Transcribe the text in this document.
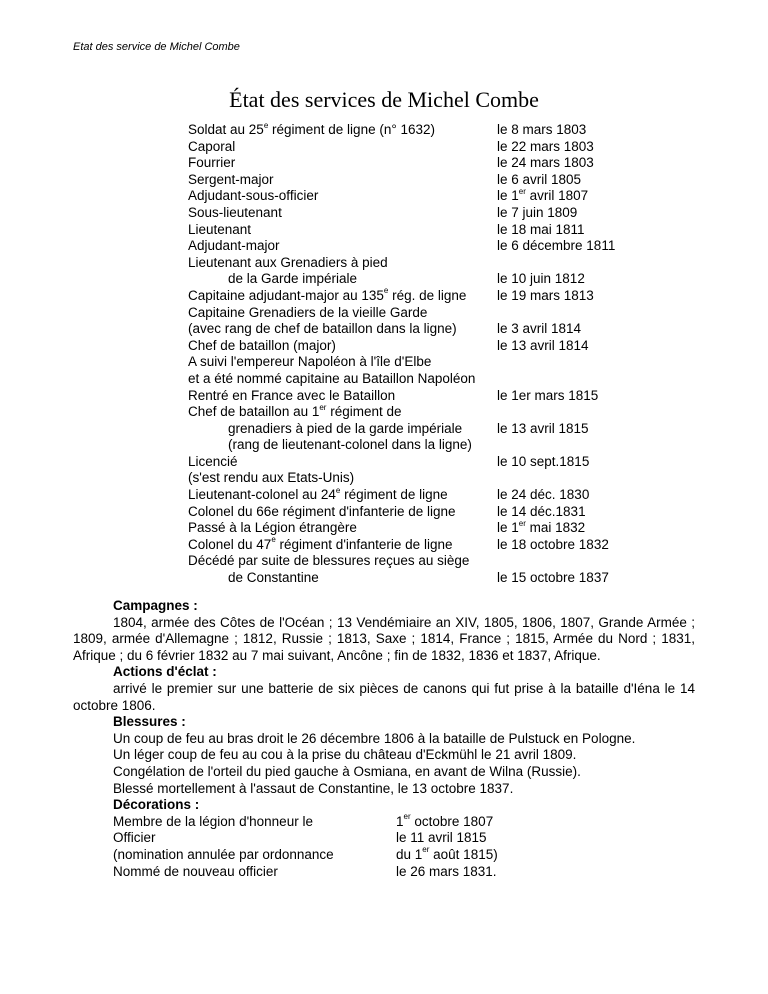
Etat des service de Michel Combe
État des services de Michel Combe
Soldat au 25e régiment de ligne (n° 1632)	le 8 mars 1803
Caporal	le 22 mars 1803
Fourrier	le 24 mars 1803
Sergent-major	le 6 avril 1805
Adjudant-sous-officier	le 1er avril 1807
Sous-lieutenant	le 7 juin 1809
Lieutenant	le 18 mai 1811
Adjudant-major	le 6 décembre 1811
Lieutenant aux Grenadiers à pied
de la Garde impériale	le 10 juin 1812
Capitaine adjudant-major au 135e rég. de ligne le 19 mars 1813
Capitaine Grenadiers de la vieille Garde
(avec rang de chef de bataillon dans la ligne)	le 3 avril 1814
Chef de bataillon (major)	le 13 avril 1814
A suivi l'empereur Napoléon à l'île d'Elbe
et a été nommé capitaine au Bataillon Napoléon
Rentré en France avec le Bataillon	le 1er mars 1815
Chef de bataillon au 1er régiment de
grenadiers à pied de la garde impériale	le 13 avril 1815
(rang de lieutenant-colonel dans la ligne)
Licencié	le 10 sept.1815
(s'est rendu aux Etats-Unis)
Lieutenant-colonel au 24e régiment de ligne	le 24 déc. 1830
Colonel du 66e régiment d'infanterie de ligne	le 14 déc.1831
Passé à la Légion étrangère	le 1er mai 1832
Colonel du 47e régiment d'infanterie de ligne	le 18 octobre 1832
Décédé par suite de blessures reçues au siège
de Constantine	le 15 octobre 1837
Campagnes :
1804, armée des Côtes de l'Océan ; 13 Vendémiaire an XIV, 1805, 1806, 1807, Grande Armée ; 1809, armée d'Allemagne ; 1812, Russie ; 1813, Saxe ; 1814, France ; 1815, Armée du Nord ; 1831, Afrique ; du 6 février 1832 au 7 mai suivant, Ancône ; fin de 1832, 1836 et 1837, Afrique.
Actions d'éclat :
arrivé le premier sur une batterie de six pièces de canons qui fut prise à la bataille d'Iéna le 14 octobre 1806.
Blessures :
Un coup de feu au bras droit le 26 décembre 1806 à la bataille de Pulstuck en Pologne.
Un léger coup de feu au cou à la prise du château d'Eckmühl le 21 avril 1809.
Congélation de l'orteil du pied gauche à Osmiana, en avant de Wilna (Russie).
Blessé mortellement à l'assaut de Constantine, le 13 octobre 1837.
Décorations :
Membre de la légion d'honneur le	1er octobre 1807
Officier	le 11 avril 1815
(nomination annulée par ordonnance	du 1er août 1815)
Nommé de nouveau officier	le 26 mars 1831.
